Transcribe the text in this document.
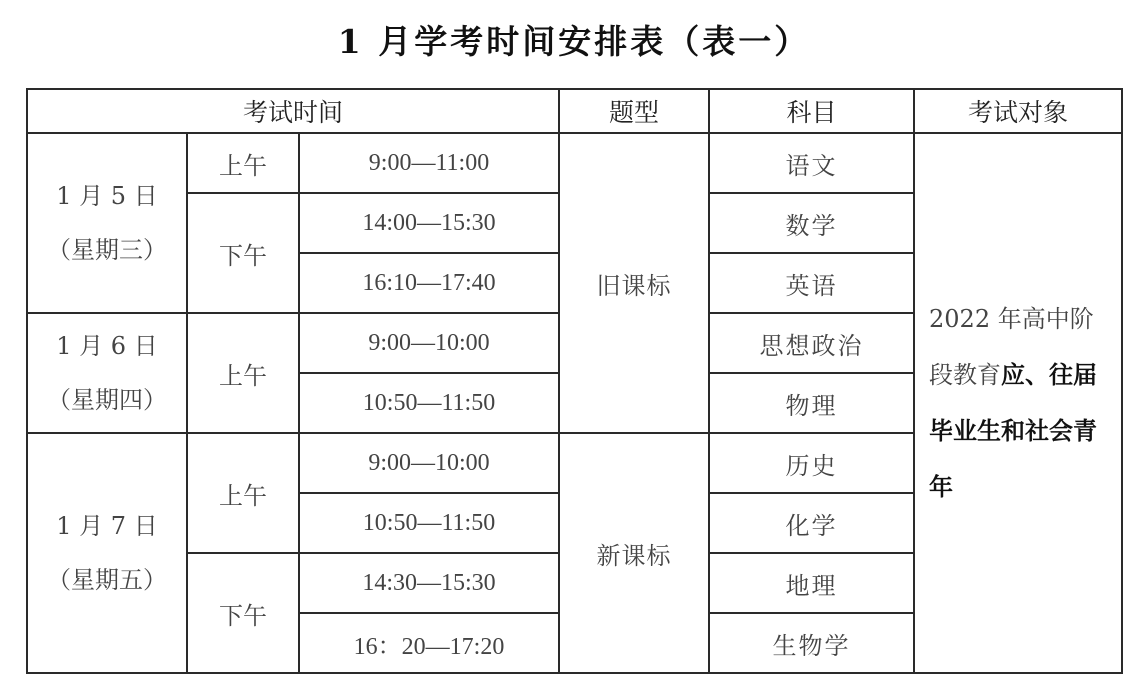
1 月学考时间安排表（表一）
考试时间			题型	科目	考试对象

1 月 5 日
（星期三）	上午	9:00—11:00	旧课标	语文	2022 年高中阶段教育应、往届毕业生和社会青年
	下午	14:00—15:30		数学	
		16:10—17:40		英语	

1 月 6 日
（星期四）	上午	9:00—10:00		思想政治	
		10:50—11:50		物理	

1 月 7 日
（星期五）	上午	9:00—10:00	新课标	历史	
		10:50—11:50		化学	
	下午	14:30—15:30		地理	
		16：20—17:20		生物学	
